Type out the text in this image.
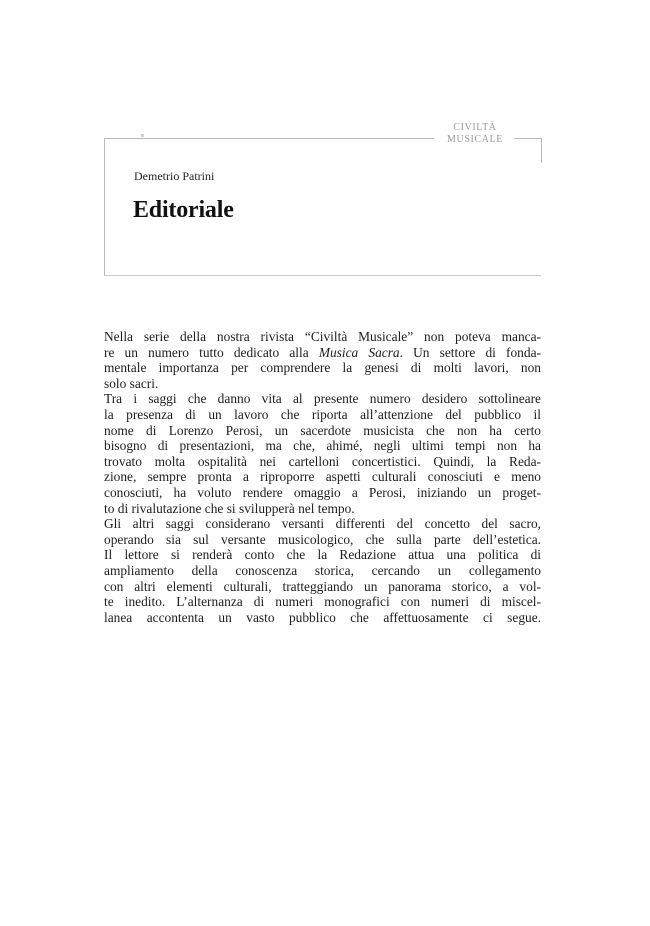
CIVILTÀ
MUSICALE
Demetrio Patrini
Editoriale
Nella serie della nostra rivista “Civiltà Musicale” non poteva manca-
re un numero tutto dedicato alla Musica Sacra. Un settore di fonda-
mentale importanza per comprendere la genesi di molti lavori, non
solo sacri.
Tra i saggi che danno vita al presente numero desidero sottolineare
la presenza di un lavoro che riporta all’attenzione del pubblico il
nome di Lorenzo Perosi, un sacerdote musicista che non ha certo
bisogno di presentazioni, ma che, ahimé, negli ultimi tempi non ha
trovato molta ospitalità nei cartelloni concertistici. Quindi, la Reda-
zione, sempre pronta a riproporre aspetti culturali conosciuti e meno
conosciuti, ha voluto rendere omaggio a Perosi, iniziando un proget-
to di rivalutazione che si svilupperà nel tempo.
Gli altri saggi considerano versanti differenti del concetto del sacro,
operando sia sul versante musicologico, che sulla parte dell’estetica.
Il lettore si renderà conto che la Redazione attua una politica di
ampliamento della conoscenza storica, cercando un collegamento
con altri elementi culturali, tratteggiando un panorama storico, a vol-
te inedito. L’alternanza di numeri monografici con numeri di miscel-
lanea accontenta un vasto pubblico che affettuosamente ci segue.
